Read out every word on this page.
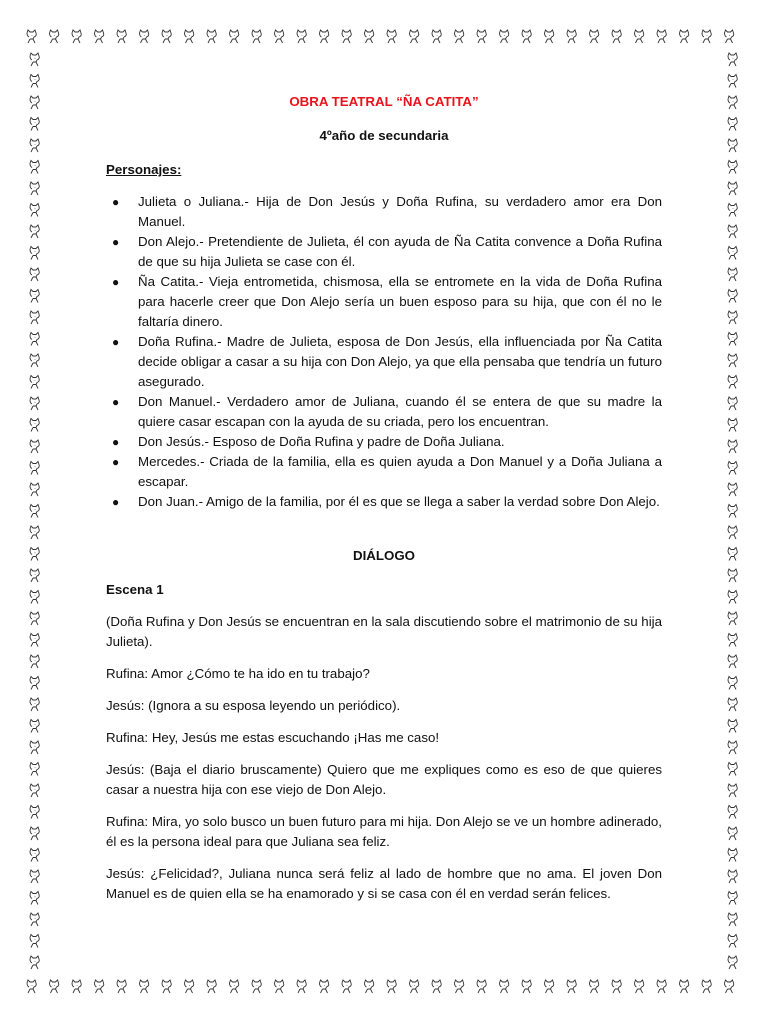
OBRA TEATRAL “ÑA CATITA”
4ºaño de secundaria
Personajes:
● Julieta o Juliana.- Hija de Don Jesús y Doña Rufina, su verdadero amor era Don Manuel.
● Don Alejo.- Pretendiente de Julieta, él con ayuda de Ña Catita convence a Doña Rufina de que su hija Julieta se case con él.
● Ña Catita.- Vieja entrometida, chismosa, ella se entromete en la vida de Doña Rufina para hacerle creer que Don Alejo sería un buen esposo para su hija, que con él no le faltaría dinero.
● Doña Rufina.- Madre de Julieta, esposa de Don Jesús, ella influenciada por Ña Catita decide obligar a casar a su hija con Don Alejo, ya que ella pensaba que tendría un futuro asegurado.
● Don Manuel.- Verdadero amor de Juliana, cuando él se entera de que su madre la quiere casar escapan con la ayuda de su criada, pero los encuentran.
● Don Jesús.- Esposo de Doña Rufina y padre de Doña Juliana.
● Mercedes.- Criada de la familia, ella es quien ayuda a Don Manuel y a Doña Juliana a escapar.
● Don Juan.- Amigo de la familia, por él es que se llega a saber la verdad sobre Don Alejo.
DIÁLOGO
Escena 1

(Doña Rufina y Don Jesús se encuentran en la sala discutiendo sobre el matrimonio de su hija Julieta).

Rufina: Amor ¿Cómo te ha ido en tu trabajo?

Jesús: (Ignora a su esposa leyendo un periódico).

Rufina: Hey, Jesús me estas escuchando ¡Has me caso!

Jesús: (Baja el diario bruscamente) Quiero que me expliques como es eso de que quieres casar a nuestra hija con ese viejo de Don Alejo.

Rufina: Mira, yo solo busco un buen futuro para mi hija. Don Alejo se ve un hombre adinerado, él es la persona ideal para que Juliana sea feliz.

Jesús: ¿Felicidad?, Juliana nunca será feliz al lado de hombre que no ama. El joven Don Manuel es de quien ella se ha enamorado y si se casa con él en verdad serán felices.
